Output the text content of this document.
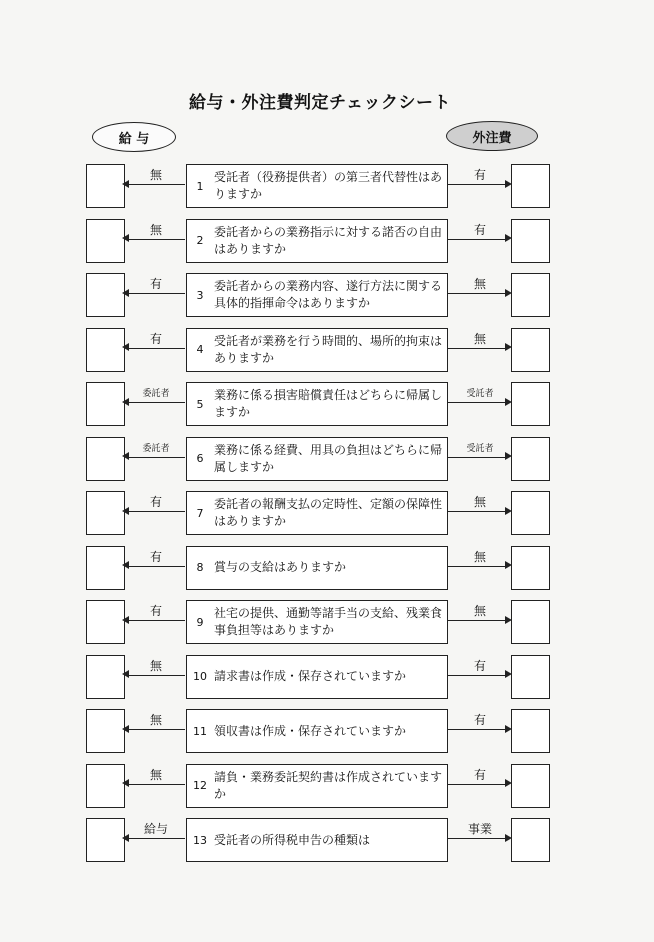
給与・外注費判定チェックシート
給 与	外注費
無
1
受託者（役務提供者）の第三者代替性はありますか
有
無
2
委託者からの業務指示に対する諾否の自由はありますか
有
有
3
委託者からの業務内容、遂行方法に関する具体的指揮命令はありますか
無
有
4
受託者が業務を行う時間的、場所的拘束はありますか
無
委託者
5
業務に係る損害賠償責任はどちらに帰属しますか
受託者
委託者
6
業務に係る経費、用具の負担はどちらに帰属しますか
受託者
有
7
委託者の報酬支払の定時性、定額の保障性はありますか
無
有
8 賞与の支給はありますか
無
有
9
社宅の提供、通勤等諸手当の支給、残業食事負担等はありますか
無
無
10 請求書は作成・保存されていますか
有
無
11 領収書は作成・保存されていますか
有
無
12
請負・業務委託契約書は作成されていますか
有
給与
13 受託者の所得税申告の種類は
事業
